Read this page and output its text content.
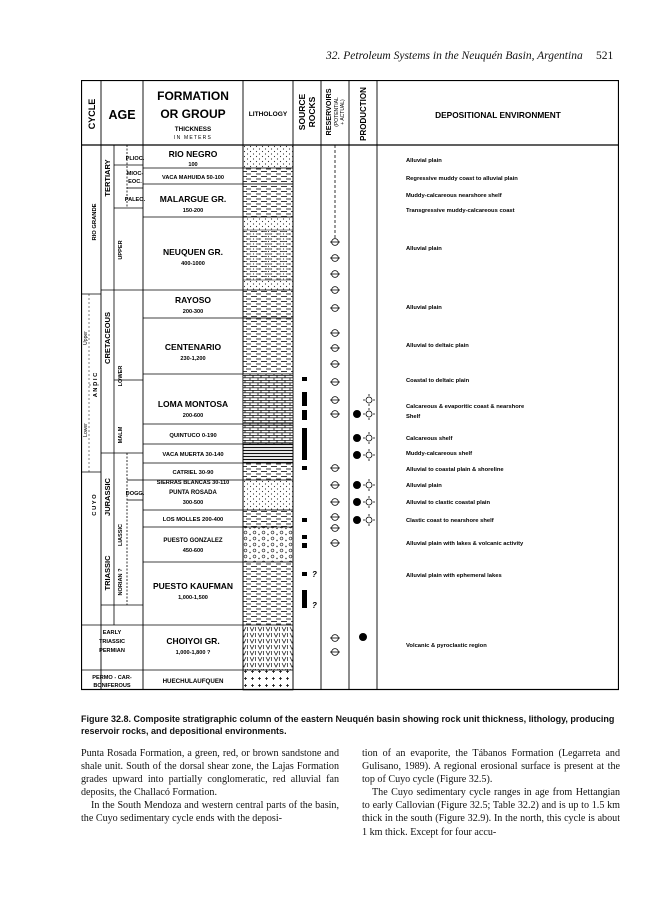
32. Petroleum Systems in the Neuquén Basin, Argentina 521
CYCLE AGE
FORMATION
OR GROUP
THICKNESS
IN METERS
LITHOLOGY SOURCE ROCKS RESERVOIRS (POTENTIAL + ACTUAL) PRODUCTION	DEPOSITIONAL ENVIRONMENT
RIO GRANDE
A N D I C
C U Y O
Upper
Lower
TERTIARY
CRETACEOUS
JURASSIC
TRIASSIC
PLIOC.
MIOC-
EOC.
PALEO.
UPPER
LOWER
MALM
DOGG.
LIASSIC
NORIAN ?
EARLY
TRIASSIC
PERMIAN
PERMO - CAR-
BONIFEROUS
RIO NEGRO
100
VACA MAHUIDA 50-100
MALARGUE GR.
150-200
NEUQUEN GR.
400-1000
RAYOSO
200-300
CENTENARIO
230-1,200
LOMA MONTOSA
200-600
QUINTUCO 0-190
VACA MUERTA 30-140
CATRIEL 30-90
SIERRAS BLANCAS 30-110
PUNTA ROSADA
300-500
LOS MOLLES 200-400
PUESTO GONZALEZ
450-600
PUESTO KAUFMAN
1,000-1,500
CHOIYOI GR.
1,000-1,800 ?
HUECHULAUFQUEN
?
?
Alluvial plain
Regressive muddy coast to alluvial plain
Muddy-calcareous nearshore shelf
Transgressive muddy-calcareous coast
Alluvial plain
Alluvial plain
Alluvial to deltaic plain
Coastal to deltaic plain
Calcareous & evaporitic coast & nearshore
Shelf
Calcareous shelf
Muddy-calcareous shelf
Alluvial to coastal plain & shoreline
Alluvial plain
Alluvial to clastic coastal plain
Clastic coast to nearshore shelf
Alluvial plain with lakes & volcanic activity
Alluvial plain with ephemeral lakes
Volcanic & pyroclastic region
Figure 32.8. Composite stratigraphic column of the eastern Neuquén basin showing rock unit thickness, lithology, producing reservoir rocks, and depositional environments.

Punta Rosada Formation, a green, red, or brown sandstone and shale unit. South of the dorsal shear zone, the Lajas Formation grades upward into partially conglomeratic, red alluvial fan deposits, the Challacó Formation.

In the South Mendoza and western central parts of the basin, the Cuyo sedimentary cycle ends with the deposi-

tion of an evaporite, the Tábanos Formation (Legarreta and Gulisano, 1989). A regional erosional surface is present at the top of Cuyo cycle (Figure 32.5).

The Cuyo sedimentary cycle ranges in age from Hettangian to early Callovian (Figure 32.5; Table 32.2) and is up to 1.5 km thick in the south (Figure 32.9). In the north, this cycle is about 1 km thick. Except for four accu-
